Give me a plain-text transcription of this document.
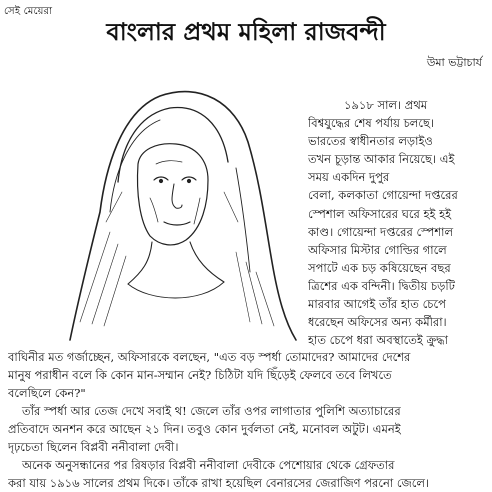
সেই মেয়েরা
বাংলার প্রথম মহিলা রাজবন্দী
উমা ভট্টাচার্য
১৯১৮ সাল। প্রথম
বিশ্বযুদ্ধের শেষ পর্যায় চলছে।
ভারতের স্বাধীনতার লড়াইও
তখন চূড়ান্ত আকার নিয়েছে। এই
সময় একদিন দুপুর
বেলা, কলকাতা গোয়েন্দা দপ্তরের
স্পেশাল অফিসারের ঘরে হই হই
কাণ্ড। গোয়েন্দা দপ্তরের স্পেশাল
অফিসার মিস্টার গোল্ডির গালে
সপাটে এক চড় কষিয়েছেন বছর
ত্রিশের এক বন্দিনী। দ্বিতীয় চড়টি
মারবার আগেই তাঁর হাত চেপে
ধরেছেন অফিসের অন্য কর্মীরা।
হাত চেপে ধরা অবস্থাতেই ক্রুদ্ধা
বাঘিনীর মত গর্জাচ্ছেন, অফিসারকে বলছেন, "এত বড় স্পর্ধা তোমাদের? আমাদের দেশের
মানুষ পরাধীন বলে কি কোন মান-সম্মান নেই? চিঠিটা যদি ছিঁড়েই ফেলবে তবে লিখতে
বলেছিলে কেন?"
তাঁর স্পর্ধা আর তেজ দেখে সবাই থ! জেলে তাঁর ওপর লাগাতার পুলিশি অত্যাচারের
প্রতিবাদে অনশন করে আছেন ২১ দিন। তবুও কোন দুর্বলতা নেই, মনোবল অটুট। এমনই
দৃঢ়চেতা ছিলেন বিপ্লবী ননীবালা দেবী।
অনেক অনুসন্ধানের পর রিষড়ার বিপ্লবী ননীবালা দেবীকে পেশোয়ার থেকে গ্রেফতার
করা যায় ১৯১৬ সালের প্রথম দিকে। তাঁকে রাখা হয়েছিল বেনারসের জেরাজিণ পরনো জেলে।
